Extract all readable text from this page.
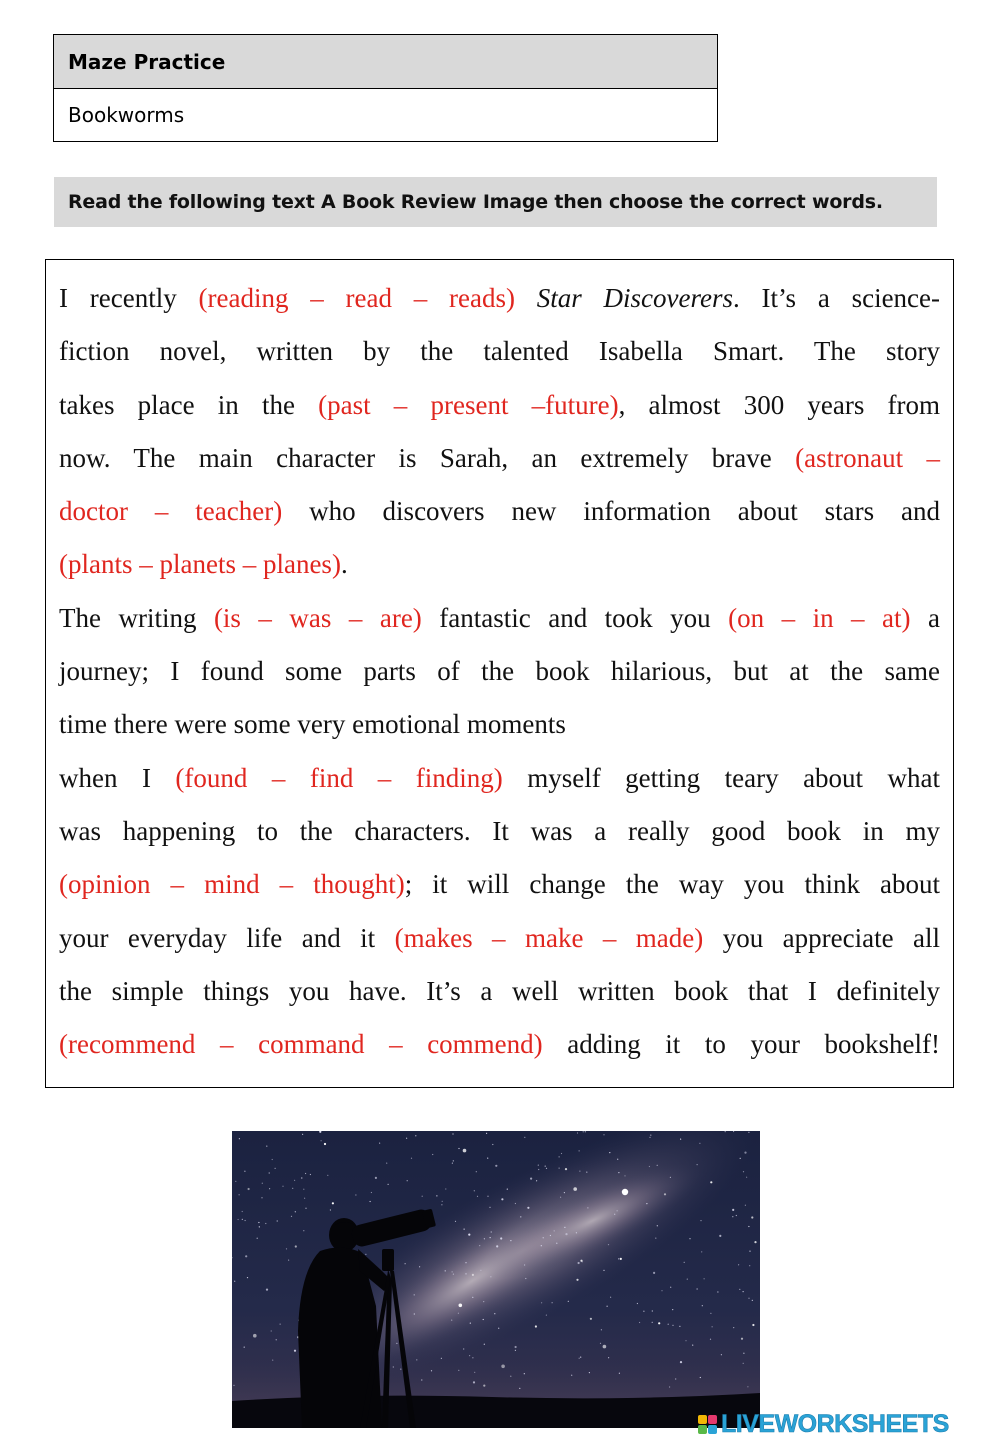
Maze Practice
Bookworms
Read the following text A Book Review Image then choose the correct words.

I recently (reading – read – reads) Star Discoverers. It’s a science-

fiction novel, written by the talented Isabella Smart. The story

takes place in the (past – present –future), almost 300 years from

now. The main character is Sarah, an extremely brave (astronaut –

doctor – teacher) who discovers new information about stars and

(plants – planets – planes).

The writing (is – was – are) fantastic and took you (on – in – at) a

journey; I found some parts of the book hilarious, but at the same

time there were some very emotional moments

when I (found – find – finding) myself getting teary about what

was happening to the characters. It was a really good book in my

(opinion – mind – thought); it will change the way you think about

your everyday life and it (makes – make – made) you appreciate all

the simple things you have. It’s a well written book that I definitely

(recommend – command – commend) adding it to your bookshelf!

LIVEWORKSHEETS
